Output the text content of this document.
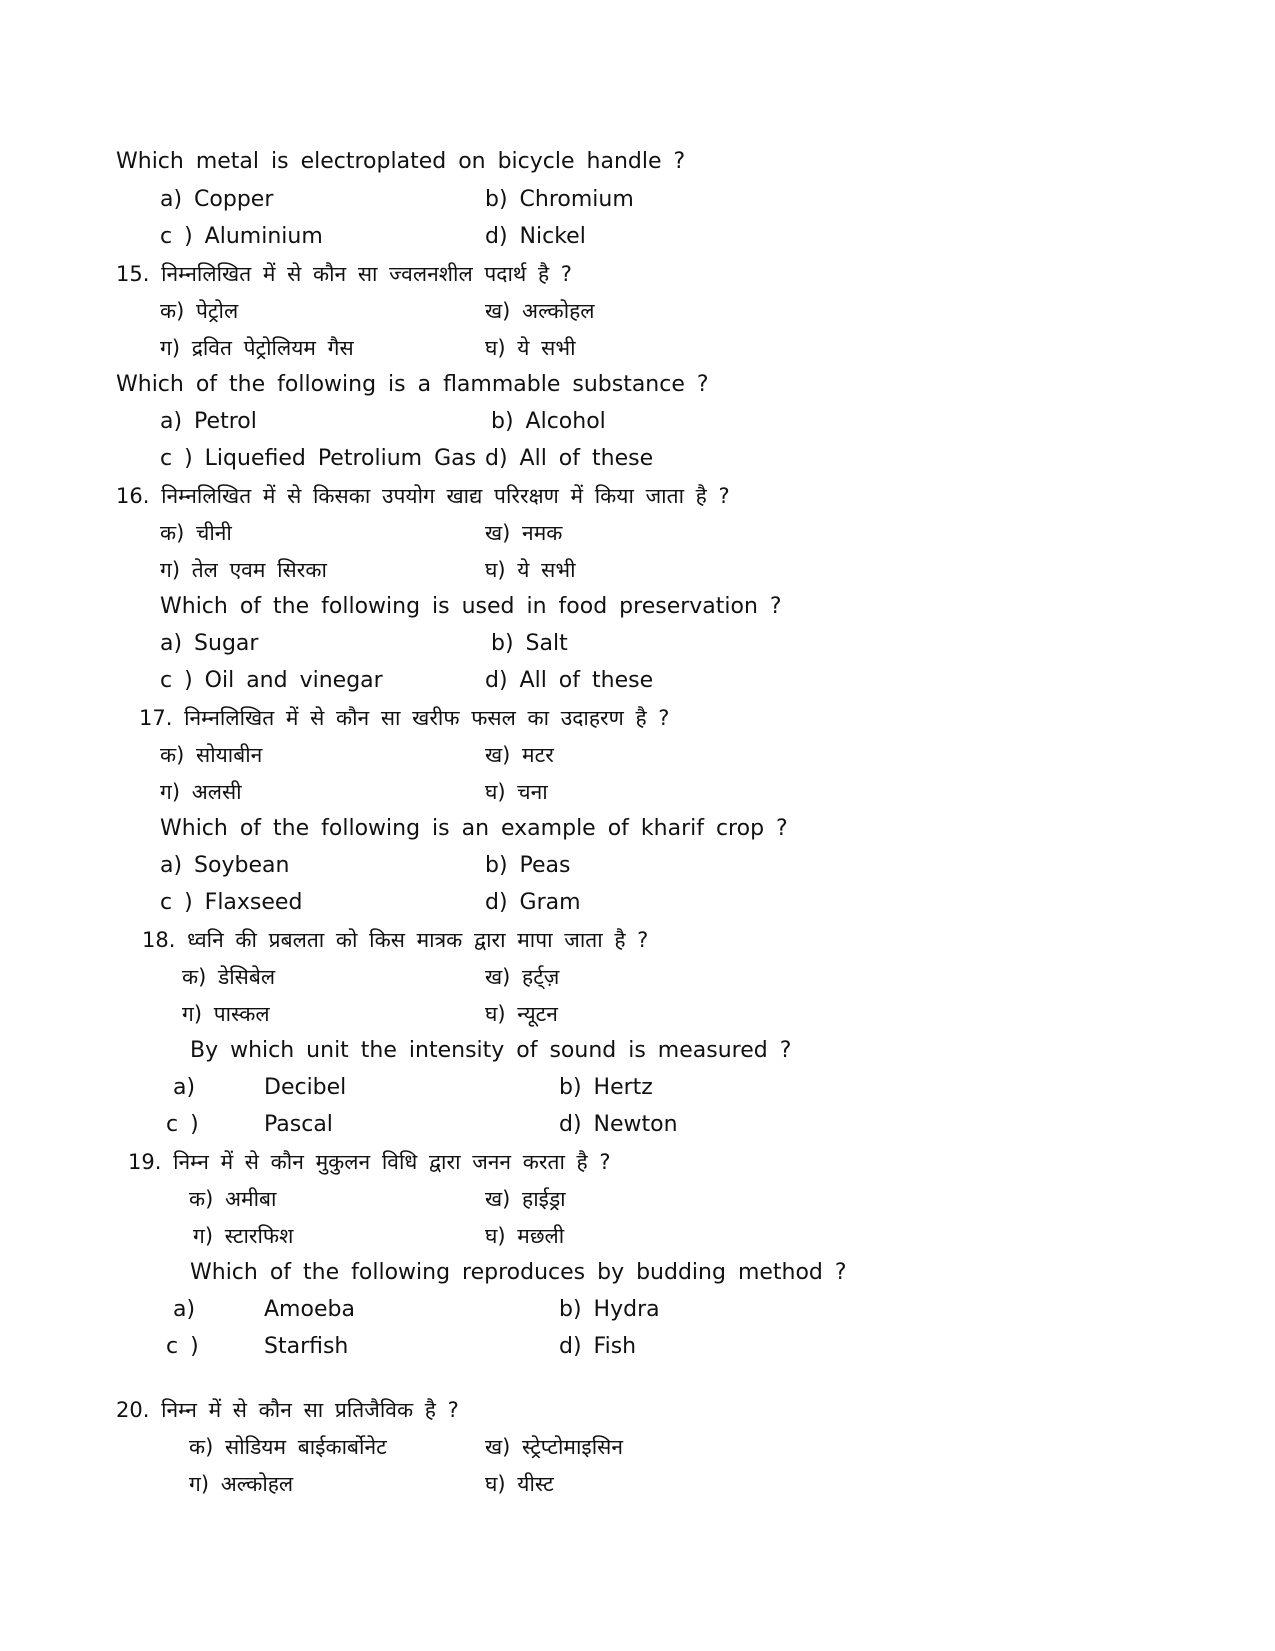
Which metal is electroplated on bicycle handle ?
a) Copper	b) Chromium
c ) Aluminium	d) Nickel
15. निम्नलिखित में से कौन सा ज्वलनशील पदार्थ है ?
क) पेट्रोल	ख) अल्कोहल
ग) द्रवित पेट्रोलियम गैस	घ) ये सभी
Which of the following is a flammable substance ?
a) Petrol	b) Alcohol
c ) Liquefied Petrolium Gas d) All of these
16. निम्नलिखित में से किसका उपयोग खाद्य परिरक्षण में किया जाता है ?
क) चीनी	ख) नमक
ग) तेल एवम सिरका	घ) ये सभी
Which of the following is used in food preservation ?
a) Sugar	b) Salt
c ) Oil and vinegar	d) All of these
17. निम्नलिखित में से कौन सा खरीफ फसल का उदाहरण है ?
क) सोयाबीन	ख) मटर
ग) अलसी	घ) चना
Which of the following is an example of kharif crop ?
a) Soybean	b) Peas
c ) Flaxseed	d) Gram
18. ध्वनि की प्रबलता को किस मात्रक द्वारा मापा जाता है ?
क) डेसिबेल	ख) हर्ट्ज़
ग) पास्कल	घ) न्यूटन
By which unit the intensity of sound is measured ?
a)	Decibel	b) Hertz
c )	Pascal	d) Newton
19. निम्न में से कौन मुकुलन विधि द्वारा जनन करता है ?
क) अमीबा	ख) हाईड्रा
ग) स्टारफिश	घ) मछली
Which of the following reproduces by budding method ?
a)	Amoeba	b) Hydra
c )	Starfish	d) Fish
20. निम्न में से कौन सा प्रतिजैविक है ?
क) सोडियम बाईकार्बोनेट	ख) स्ट्रेप्टोमाइसिन
ग) अल्कोहल	घ) यीस्ट
